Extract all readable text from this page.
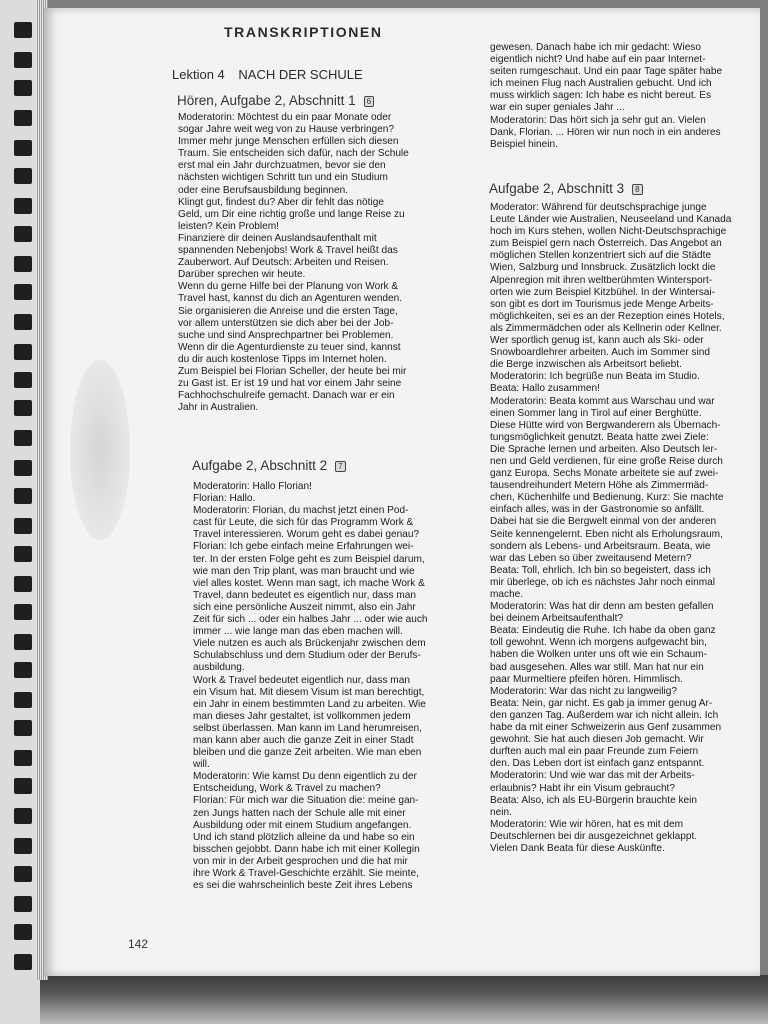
TRANSKRIPTIONEN
Lektion 4 NACH DER SCHULE
Hören, Aufgabe 2, Abschnitt 1 6
Moderatorin: Möchtest du ein paar Monate oder
sogar Jahre weit weg von zu Hause verbringen?
Immer mehr junge Menschen erfüllen sich diesen
Traum. Sie entscheiden sich dafür, nach der Schule
erst mal ein Jahr durchzuatmen, bevor sie den
nächsten wichtigen Schritt tun und ein Studium
oder eine Berufsausbildung beginnen.
Klingt gut, findest du? Aber dir fehlt das nötige
Geld, um Dir eine richtig große und lange Reise zu
leisten? Kein Problem!
Finanziere dir deinen Auslandsaufenthalt mit
spannenden Nebenjobs! Work & Travel heißt das
Zauberwort. Auf Deutsch: Arbeiten und Reisen.
Darüber sprechen wir heute.
Wenn du gerne Hilfe bei der Planung von Work &
Travel hast, kannst du dich an Agenturen wenden.
Sie organisieren die Anreise und die ersten Tage,
vor allem unterstützen sie dich aber bei der Job-
suche und sind Ansprechpartner bei Problemen.
Wenn dir die Agenturdienste zu teuer sind, kannst
du dir auch kostenlose Tipps im Internet holen.
Zum Beispiel bei Florian Scheller, der heute bei mir
zu Gast ist. Er ist 19 und hat vor einem Jahr seine
Fachhochschulreife gemacht. Danach war er ein
Jahr in Australien.
Aufgabe 2, Abschnitt 2 7
Moderatorin: Hallo Florian!
Florian: Hallo.
Moderatorin: Florian, du machst jetzt einen Pod-
cast für Leute, die sich für das Programm Work &
Travel interessieren. Worum geht es dabei genau?
Florian: Ich gebe einfach meine Erfahrungen wei-
ter. In der ersten Folge geht es zum Beispiel darum,
wie man den Trip plant, was man braucht und wie
viel alles kostet. Wenn man sagt, ich mache Work &
Travel, dann bedeutet es eigentlich nur, dass man
sich eine persönliche Auszeit nimmt, also ein Jahr
Zeit für sich ... oder ein halbes Jahr ... oder wie auch
immer ... wie lange man das eben machen will.
Viele nutzen es auch als Brückenjahr zwischen dem
Schulabschluss und dem Studium oder der Berufs-
ausbildung.
Work & Travel bedeutet eigentlich nur, dass man
ein Visum hat. Mit diesem Visum ist man berechtigt,
ein Jahr in einem bestimmten Land zu arbeiten. Wie
man dieses Jahr gestaltet, ist vollkommen jedem
selbst überlassen. Man kann im Land herumreisen,
man kann aber auch die ganze Zeit in einer Stadt
bleiben und die ganze Zeit arbeiten. Wie man eben
will.
Moderatorin: Wie kamst Du denn eigentlich zu der
Entscheidung, Work & Travel zu machen?
Florian: Für mich war die Situation die: meine gan-
zen Jungs hatten nach der Schule alle mit einer
Ausbildung oder mit einem Studium angefangen.
Und ich stand plötzlich alleine da und habe so ein
bisschen gejobbt. Dann habe ich mit einer Kollegin
von mir in der Arbeit gesprochen und die hat mir
ihre Work & Travel-Geschichte erzählt. Sie meinte,
es sei die wahrscheinlich beste Zeit ihres Lebens
gewesen. Danach habe ich mir gedacht: Wieso
eigentlich nicht? Und habe auf ein paar Internet-
seiten rumgeschaut. Und ein paar Tage später habe
ich meinen Flug nach Australien gebucht. Und ich
muss wirklich sagen: Ich habe es nicht bereut. Es
war ein super geniales Jahr ...
Moderatorin: Das hört sich ja sehr gut an. Vielen
Dank, Florian. ... Hören wir nun noch in ein anderes
Beispiel hinein.
Aufgabe 2, Abschnitt 3 8
Moderator: Während für deutschsprachige junge
Leute Länder wie Australien, Neuseeland und Kanada
hoch im Kurs stehen, wollen Nicht-Deutschsprachige
zum Beispiel gern nach Österreich. Das Angebot an
möglichen Stellen konzentriert sich auf die Städte
Wien, Salzburg und Innsbruck. Zusätzlich lockt die
Alpenregion mit ihren weltberühmten Wintersport-
orten wie zum Beispiel Kitzbühel. In der Wintersai-
son gibt es dort im Tourismus jede Menge Arbeits-
möglichkeiten, sei es an der Rezeption eines Hotels,
als Zimmermädchen oder als Kellnerin oder Kellner.
Wer sportlich genug ist, kann auch als Ski- oder
Snowboardlehrer arbeiten. Auch im Sommer sind
die Berge inzwischen als Arbeitsort beliebt.
Moderatorin: Ich begrüße nun Beata im Studio.
Beata: Hallo zusammen!
Moderatorin: Beata kommt aus Warschau und war
einen Sommer lang in Tirol auf einer Berghütte.
Diese Hütte wird von Bergwanderern als Übernach-
tungsmöglichkeit genutzt. Beata hatte zwei Ziele:
Die Sprache lernen und arbeiten. Also Deutsch ler-
nen und Geld verdienen, für eine große Reise durch
ganz Europa. Sechs Monate arbeitete sie auf zwei-
tausendreihundert Metern Höhe als Zimmermäd-
chen, Küchenhilfe und Bedienung. Kurz: Sie machte
einfach alles, was in der Gastronomie so anfällt.
Dabei hat sie die Bergwelt einmal von der anderen
Seite kennengelernt. Eben nicht als Erholungsraum,
sondern als Lebens- und Arbeitsraum. Beata, wie
war das Leben so über zweitausend Metern?
Beata: Toll, ehrlich. Ich bin so begeistert, dass ich
mir überlege, ob ich es nächstes Jahr noch einmal
mache.
Moderatorin: Was hat dir denn am besten gefallen
bei deinem Arbeitsaufenthalt?
Beata: Eindeutig die Ruhe. Ich habe da oben ganz
toll gewohnt. Wenn ich morgens aufgewacht bin,
haben die Wolken unter uns oft wie ein Schaum-
bad ausgesehen. Alles war still. Man hat nur ein
paar Murmeltiere pfeifen hören. Himmlisch.
Moderatorin: War das nicht zu langweilig?
Beata: Nein, gar nicht. Es gab ja immer genug Ar-
den ganzen Tag. Außerdem war ich nicht allein. Ich
habe da mit einer Schweizerin aus Genf zusammen
gewohnt. Sie hat auch diesen Job gemacht. Wir
durften auch mal ein paar Freunde zum Feiern
den. Das Leben dort ist einfach ganz entspannt.
Moderatorin: Und wie war das mit der Arbeits-
erlaubnis? Habt ihr ein Visum gebraucht?
Beata: Also, ich als EU-Bürgerin brauchte kein
nein.
Moderatorin: Wie wir hören, hat es mit dem
Deutschlernen bei dir ausgezeichnet geklappt.
Vielen Dank Beata für diese Auskünfte.
142
